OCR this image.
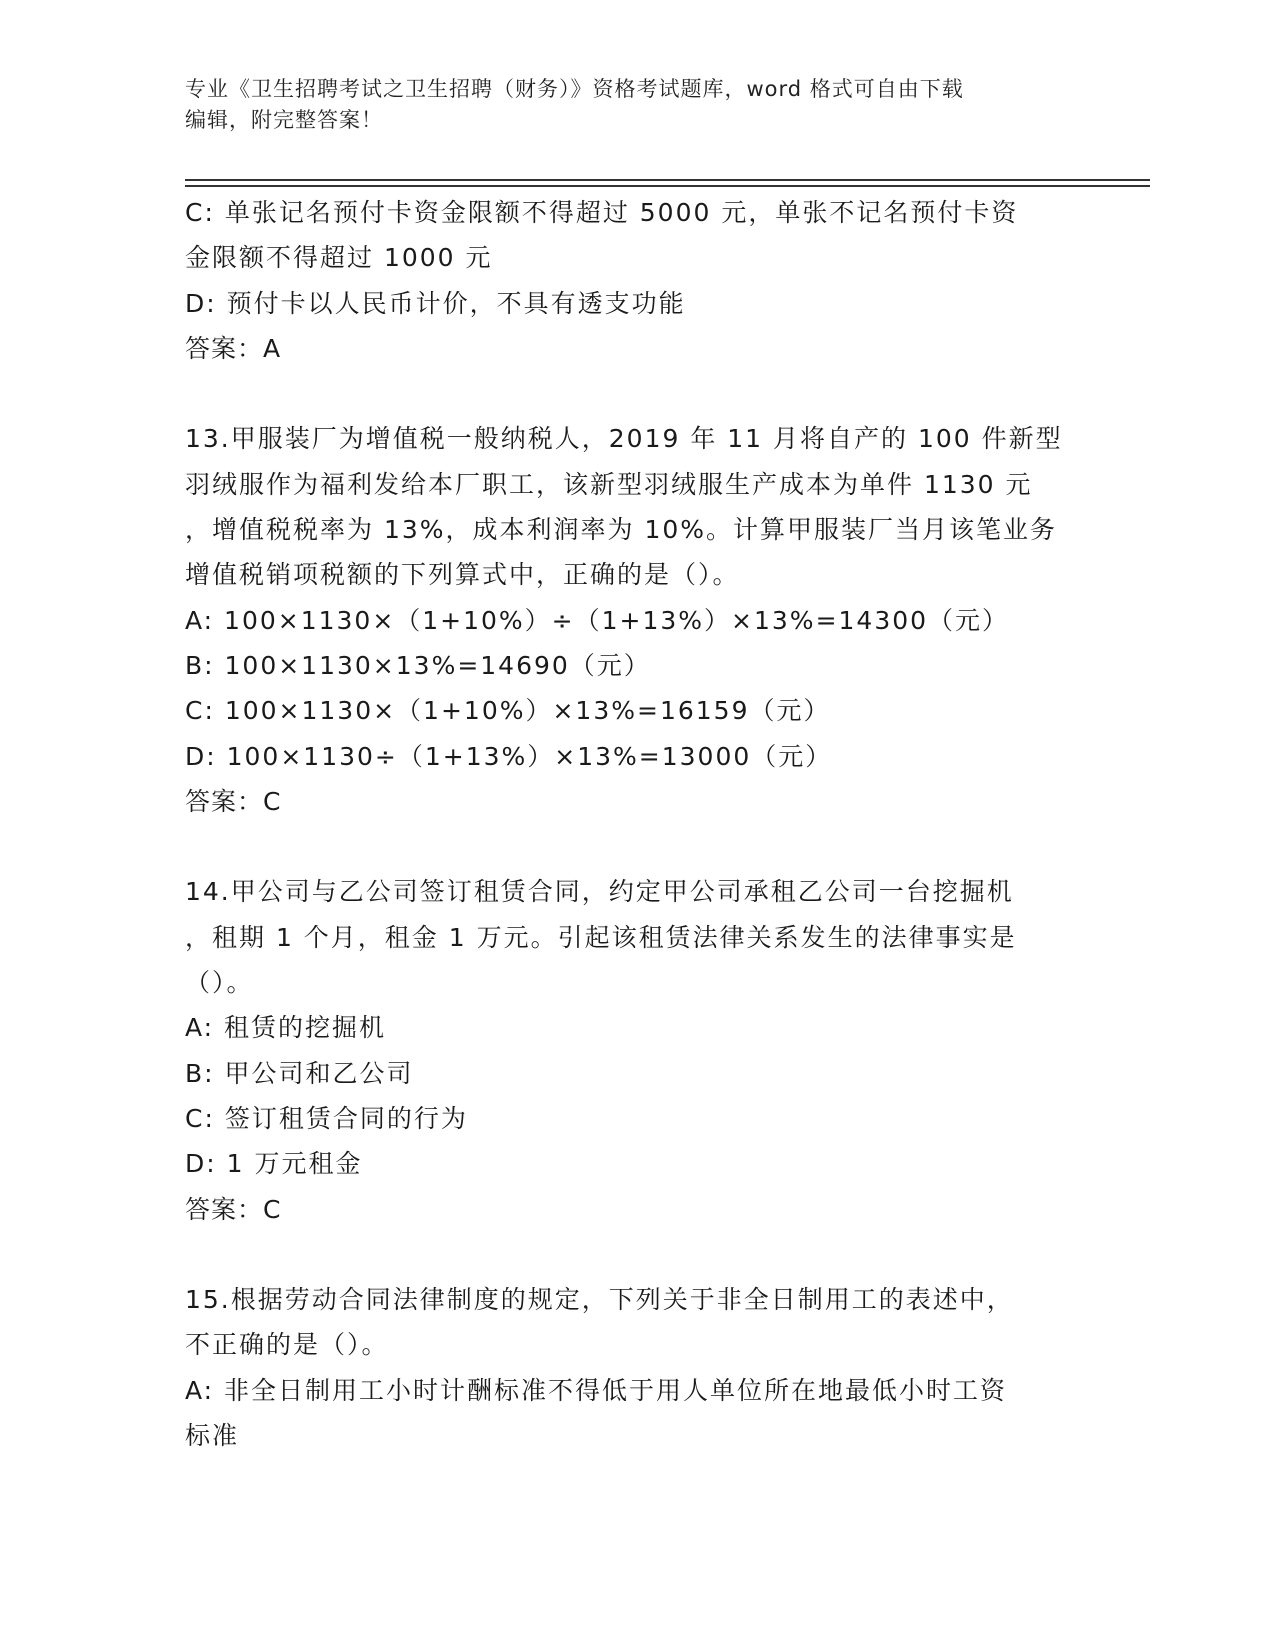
专业《卫生招聘考试之卫生招聘（财务）》资格考试题库，word 格式可自由下载

编辑，附完整答案！

C: 单张记名预付卡资金限额不得超过 5000 元，单张不记名预付卡资

金限额不得超过 1000 元

D: 预付卡以人民币计价，不具有透支功能

答案：A

13.甲服装厂为增值税一般纳税人，2019 年 11 月将自产的 100 件新型

羽绒服作为福利发给本厂职工，该新型羽绒服生产成本为单件 1130 元

，增值税税率为 13%，成本利润率为 10%。计算甲服装厂当月该笔业务

增值税销项税额的下列算式中，正确的是（）。

A: 100×1130×（1+10%）÷（1+13%）×13%=14300（元）

B: 100×1130×13%=14690（元）

C: 100×1130×（1+10%）×13%=16159（元）

D: 100×1130÷（1+13%）×13%=13000（元）

答案：C

14.甲公司与乙公司签订租赁合同，约定甲公司承租乙公司一台挖掘机

，租期 1 个月，租金 1 万元。引起该租赁法律关系发生的法律事实是

（）。

A: 租赁的挖掘机

B: 甲公司和乙公司

C: 签订租赁合同的行为

D: 1 万元租金

答案：C

15.根据劳动合同法律制度的规定，下列关于非全日制用工的表述中，

不正确的是（）。

A: 非全日制用工小时计酬标准不得低于用人单位所在地最低小时工资

标准
